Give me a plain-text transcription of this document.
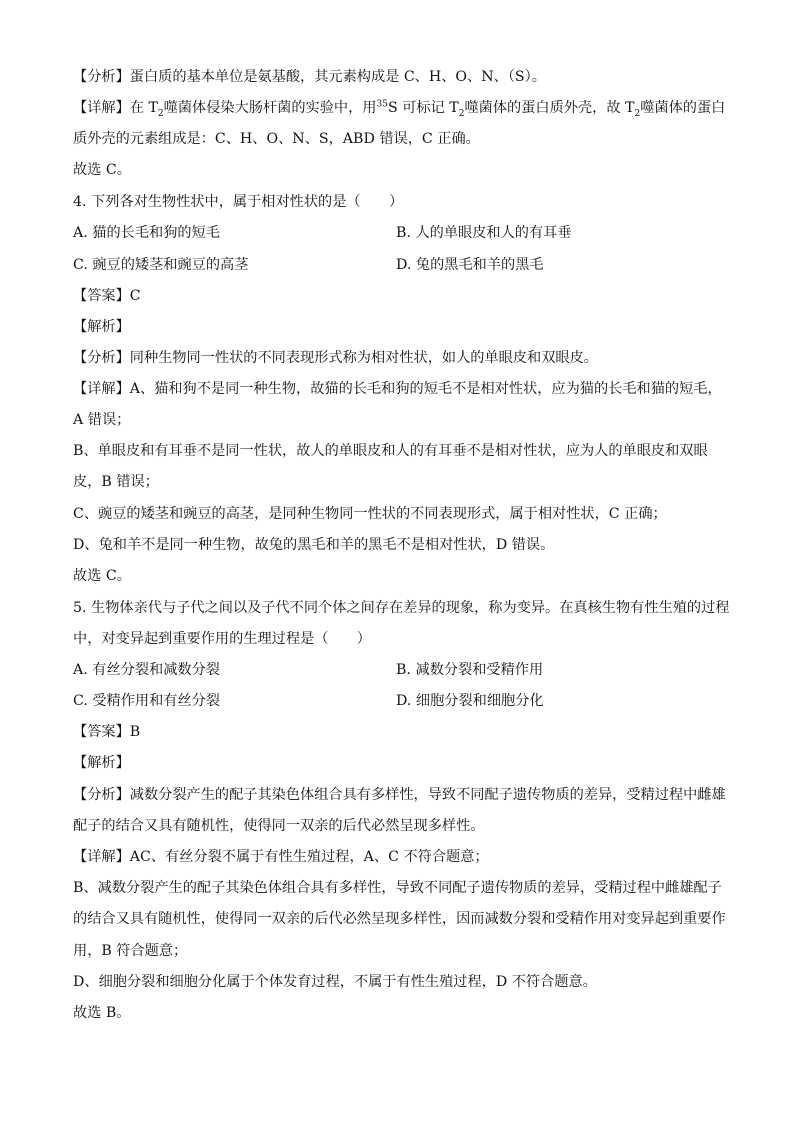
【分析】蛋白质的基本单位是氨基酸，其元素构成是 C、H、O、N、（S）。
【详解】在 $T_2$噬菌体侵染大肠杆菌的实验中，用$^{35}$S 可标记 $T_2$噬菌体的蛋白质外壳，故 $T_2$噬菌体的蛋白
质外壳的元素组成是：C、H、O、N、S，ABD 错误，C 正确。
故选 C。
4. 下列各对生物性状中，属于相对性状的是（　　）
A. 猫的长毛和狗的短毛	B. 人的单眼皮和人的有耳垂
C. 豌豆的矮茎和豌豆的高茎	D. 兔的黑毛和羊的黑毛
【答案】C
【解析】
【分析】同种生物同一性状的不同表现形式称为相对性状，如人的单眼皮和双眼皮。
【详解】A、猫和狗不是同一种生物，故猫的长毛和狗的短毛不是相对性状，应为猫的长毛和猫的短毛，
A 错误；
B、单眼皮和有耳垂不是同一性状，故人的单眼皮和人的有耳垂不是相对性状，应为人的单眼皮和双眼
皮，B 错误；
C、豌豆的矮茎和豌豆的高茎，是同种生物同一性状的不同表现形式，属于相对性状，C 正确；
D、兔和羊不是同一种生物，故兔的黑毛和羊的黑毛不是相对性状，D 错误。
故选 C。
5. 生物体亲代与子代之间以及子代不同个体之间存在差异的现象，称为变异。在真核生物有性生殖的过程
中，对变异起到重要作用的生理过程是（　　）
A. 有丝分裂和减数分裂	B. 减数分裂和受精作用
C. 受精作用和有丝分裂	D. 细胞分裂和细胞分化
【答案】B
【解析】
【分析】减数分裂产生的配子其染色体组合具有多样性，导致不同配子遗传物质的差异，受精过程中雌雄
配子的结合又具有随机性，使得同一双亲的后代必然呈现多样性。
【详解】AC、有丝分裂不属于有性生殖过程，A、C 不符合题意；
B、减数分裂产生的配子其染色体组合具有多样性，导致不同配子遗传物质的差异，受精过程中雌雄配子
的结合又具有随机性，使得同一双亲的后代必然呈现多样性，因而减数分裂和受精作用对变异起到重要作
用，B 符合题意；
D、细胞分裂和细胞分化属于个体发育过程，不属于有性生殖过程，D 不符合题意。
故选 B。
